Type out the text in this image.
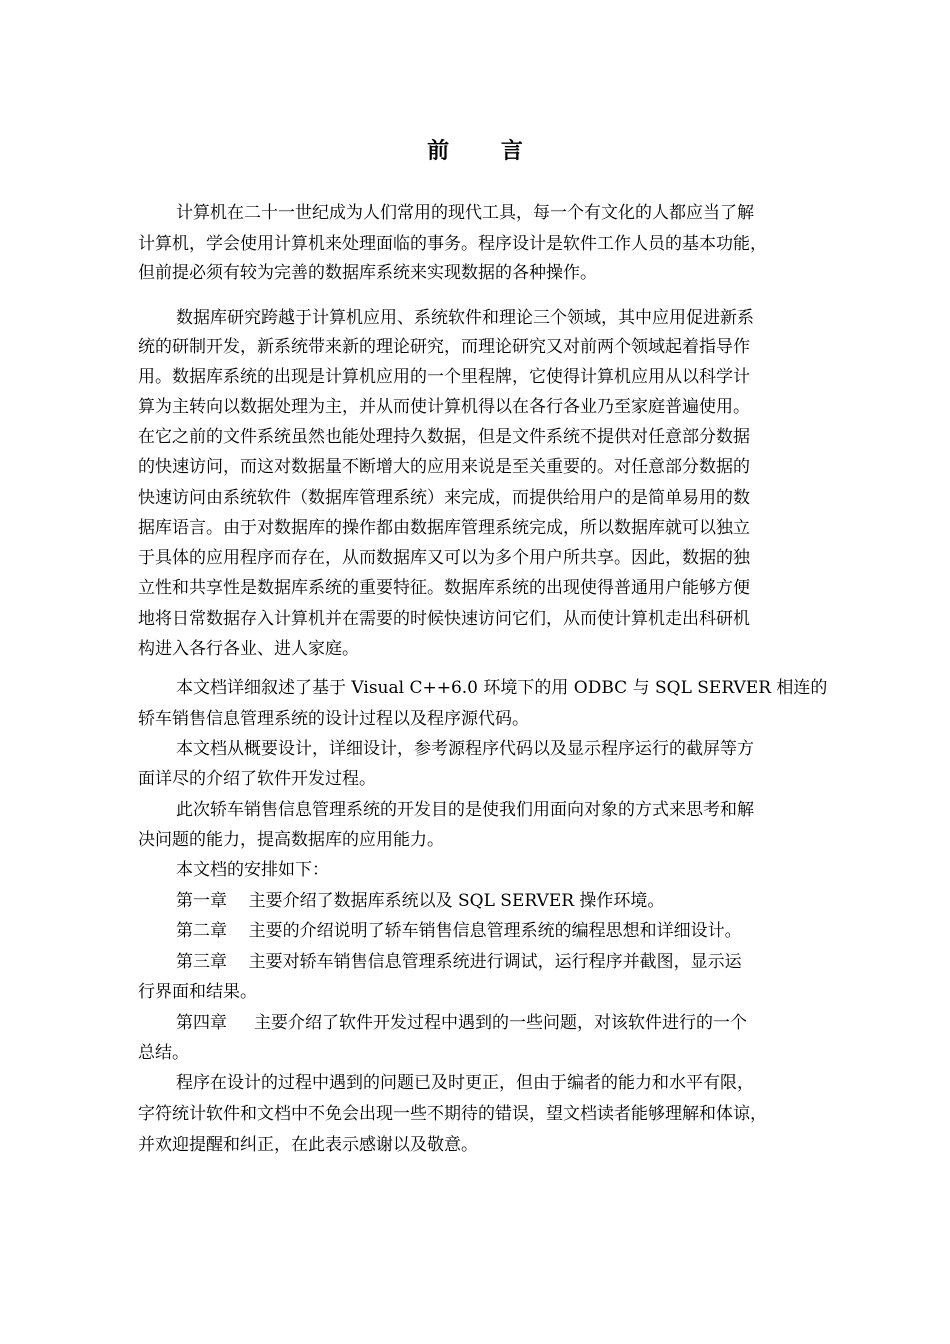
前 言
计算机在二十一世纪成为人们常用的现代工具，每一个有文化的人都应当了解
计算机，学会使用计算机来处理面临的事务。程序设计是软件工作人员的基本功能，
但前提必须有较为完善的数据库系统来实现数据的各种操作。
数据库研究跨越于计算机应用、系统软件和理论三个领域，其中应用促进新系
统的研制开发，新系统带来新的理论研究，而理论研究又对前两个领域起着指导作
用。数据库系统的出现是计算机应用的一个里程牌，它使得计算机应用从以科学计
算为主转向以数据处理为主，并从而使计算机得以在各行各业乃至家庭普遍使用。
在它之前的文件系统虽然也能处理持久数据，但是文件系统不提供对任意部分数据
的快速访问，而这对数据量不断增大的应用来说是至关重要的。对任意部分数据的
快速访问由系统软件（数据库管理系统）来完成，而提供给用户的是简单易用的数
据库语言。由于对数据库的操作都由数据库管理系统完成，所以数据库就可以独立
于具体的应用程序而存在，从而数据库又可以为多个用户所共享。因此，数据的独
立性和共享性是数据库系统的重要特征。数据库系统的出现使得普通用户能够方便
地将日常数据存入计算机并在需要的时候快速访问它们，从而使计算机走出科研机
构进入各行各业、进人家庭。
本文档详细叙述了基于 Visual C++6.0 环境下的用 ODBC 与 SQL SERVER 相连的
轿车销售信息管理系统的设计过程以及程序源代码。
本文档从概要设计，详细设计，参考源程序代码以及显示程序运行的截屏等方
面详尽的介绍了软件开发过程。
此次轿车销售信息管理系统的开发目的是使我们用面向对象的方式来思考和解
决问题的能力，提高数据库的应用能力。
本文档的安排如下：
第一章    主要介绍了数据库系统以及 SQL SERVER 操作环境。
第二章    主要的介绍说明了轿车销售信息管理系统的编程思想和详细设计。
第三章    主要对轿车销售信息管理系统进行调试，运行程序并截图，显示运
行界面和结果。
第四章     主要介绍了软件开发过程中遇到的一些问题，对该软件进行的一个
总结。
程序在设计的过程中遇到的问题已及时更正，但由于编者的能力和水平有限，
字符统计软件和文档中不免会出现一些不期待的错误，望文档读者能够理解和体谅，
并欢迎提醒和纠正，在此表示感谢以及敬意。
